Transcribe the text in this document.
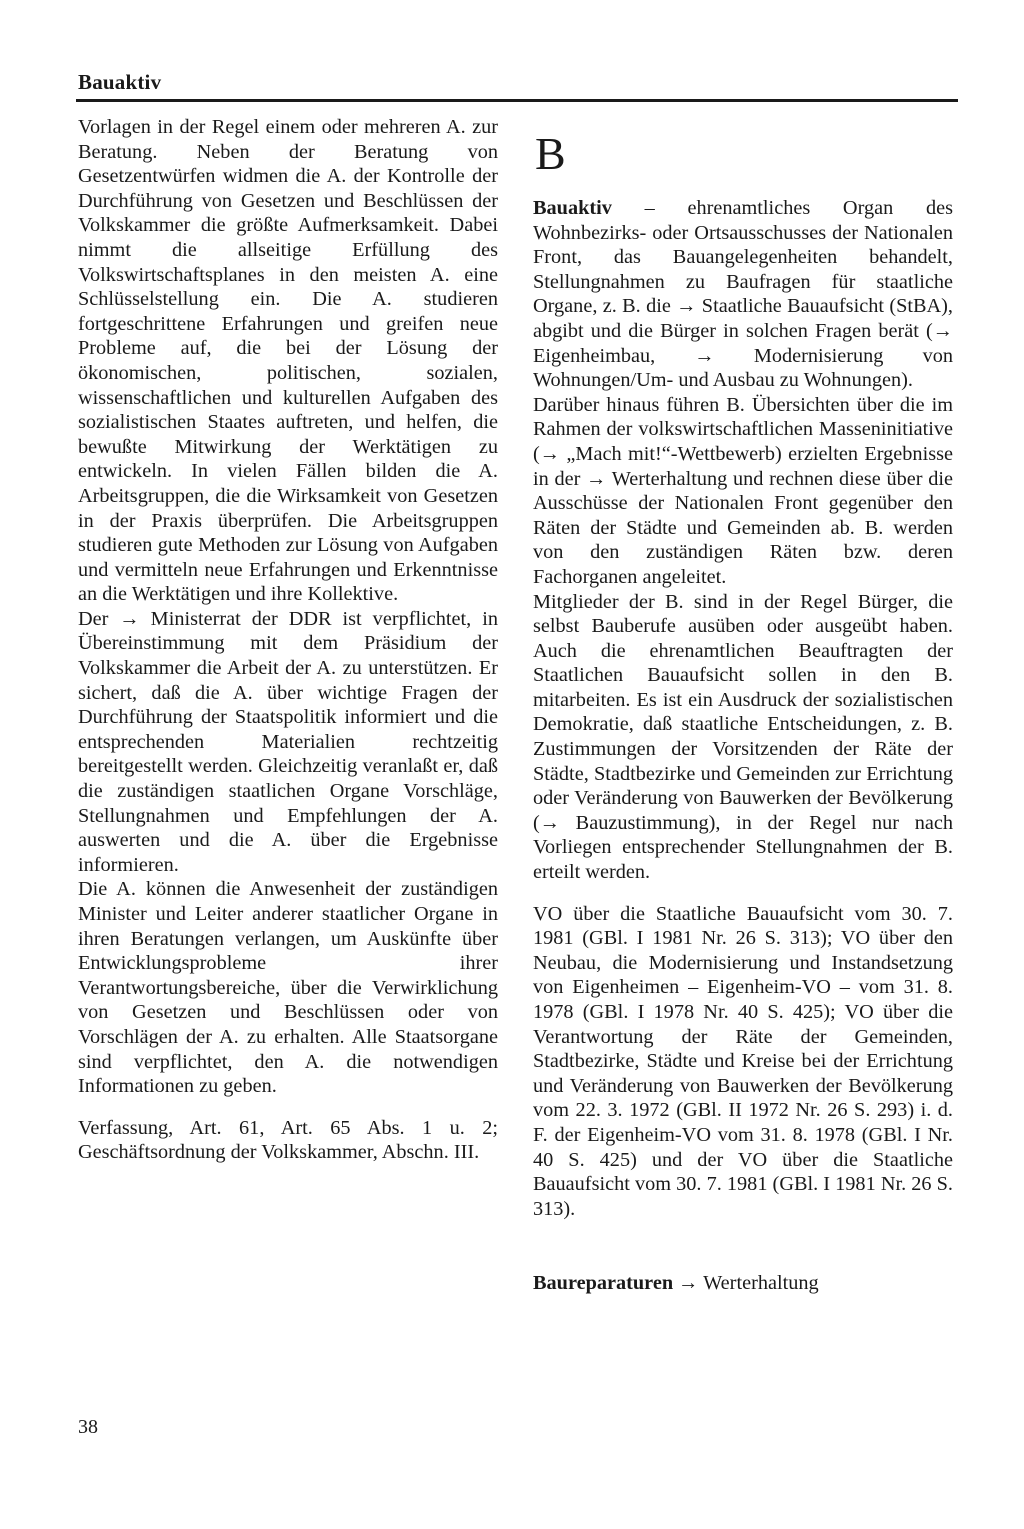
Bauaktiv

Vorlagen in der Regel einem oder mehreren A. zur Beratung. Neben der Beratung von Gesetzentwürfen widmen die A. der Kontrolle der Durchführung von Gesetzen und Beschlüssen der Volkskammer die größte Aufmerksamkeit. Dabei nimmt die allseitige Erfüllung des Volkswirtschaftsplanes in den meisten A. eine Schlüsselstellung ein. Die A. studieren fortgeschrittene Erfahrungen und greifen neue Probleme auf, die bei der Lösung der ökonomischen, politischen, sozialen, wissenschaftlichen und kulturellen Aufgaben des sozialistischen Staates auftreten, und helfen, die bewußte Mitwirkung der Werktätigen zu entwickeln. In vielen Fällen bilden die A. Arbeitsgruppen, die die Wirksamkeit von Gesetzen in der Praxis überprüfen. Die Arbeitsgruppen studieren gute Methoden zur Lösung von Aufgaben und vermitteln neue Erfahrungen und Erkenntnisse an die Werktätigen und ihre Kollektive.

Der → Ministerrat der DDR ist verpflichtet, in Übereinstimmung mit dem Präsidium der Volkskammer die Arbeit der A. zu unterstützen. Er sichert, daß die A. über wichtige Fragen der Durchführung der Staatspolitik informiert und die entsprechenden Materialien rechtzeitig bereitgestellt werden. Gleichzeitig veranlaßt er, daß die zuständigen staatlichen Organe Vorschläge, Stellungnahmen und Empfehlungen der A. auswerten und die A. über die Ergebnisse informieren.

Die A. können die Anwesenheit der zuständigen Minister und Leiter anderer staatlicher Organe in ihren Beratungen verlangen, um Auskünfte über Entwicklungsprobleme ihrer Verantwortungsbereiche, über die Verwirklichung von Gesetzen und Beschlüssen oder von Vorschlägen der A. zu erhalten. Alle Staatsorgane sind verpflichtet, den A. die notwendigen Informationen zu geben.

Verfassung, Art. 61, Art. 65 Abs. 1 u. 2; Geschäftsordnung der Volkskammer, Abschn. III.

B

Bauaktiv – ehrenamtliches Organ des Wohnbezirks- oder Ortsausschusses der Nationalen Front, das Bauangelegenheiten behandelt, Stellungnahmen zu Baufragen für staatliche Organe, z. B. die → Staatliche Bauaufsicht (StBA), abgibt und die Bürger in solchen Fragen berät (→ Eigenheimbau, → Modernisierung von Wohnungen/Um- und Ausbau zu Wohnungen).

Darüber hinaus führen B. Übersichten über die im Rahmen der volkswirtschaftlichen Masseninitiative (→ „Mach mit!“-Wettbewerb) erzielten Ergebnisse in der → Werterhaltung und rechnen diese über die Ausschüsse der Nationalen Front gegenüber den Räten der Städte und Gemeinden ab. B. werden von den zuständigen Räten bzw. deren Fachorganen angeleitet.

Mitglieder der B. sind in der Regel Bürger, die selbst Bauberufe ausüben oder ausgeübt haben. Auch die ehrenamtlichen Beauftragten der Staatlichen Bauaufsicht sollen in den B. mitarbeiten. Es ist ein Ausdruck der sozialistischen Demokratie, daß staatliche Entscheidungen, z. B. Zustimmungen der Vorsitzenden der Räte der Städte, Stadtbezirke und Gemeinden zur Errichtung oder Veränderung von Bauwerken der Bevölkerung (→ Bauzustimmung), in der Regel nur nach Vorliegen entsprechender Stellungnahmen der B. erteilt werden.

VO über die Staatliche Bauaufsicht vom 30. 7. 1981 (GBl. I 1981 Nr. 26 S. 313); VO über den Neubau, die Modernisierung und Instandsetzung von Eigenheimen – Eigenheim-VO – vom 31. 8. 1978 (GBl. I 1978 Nr. 40 S. 425); VO über die Verantwortung der Räte der Gemeinden, Stadtbezirke, Städte und Kreise bei der Errichtung und Veränderung von Bauwerken der Bevölkerung vom 22. 3. 1972 (GBl. II 1972 Nr. 26 S. 293) i. d. F. der Eigenheim-VO vom 31. 8. 1978 (GBl. I Nr. 40 S. 425) und der VO über die Staatliche Bauaufsicht vom 30. 7. 1981 (GBl. I 1981 Nr. 26 S. 313).

Baureparaturen → Werterhaltung

38
